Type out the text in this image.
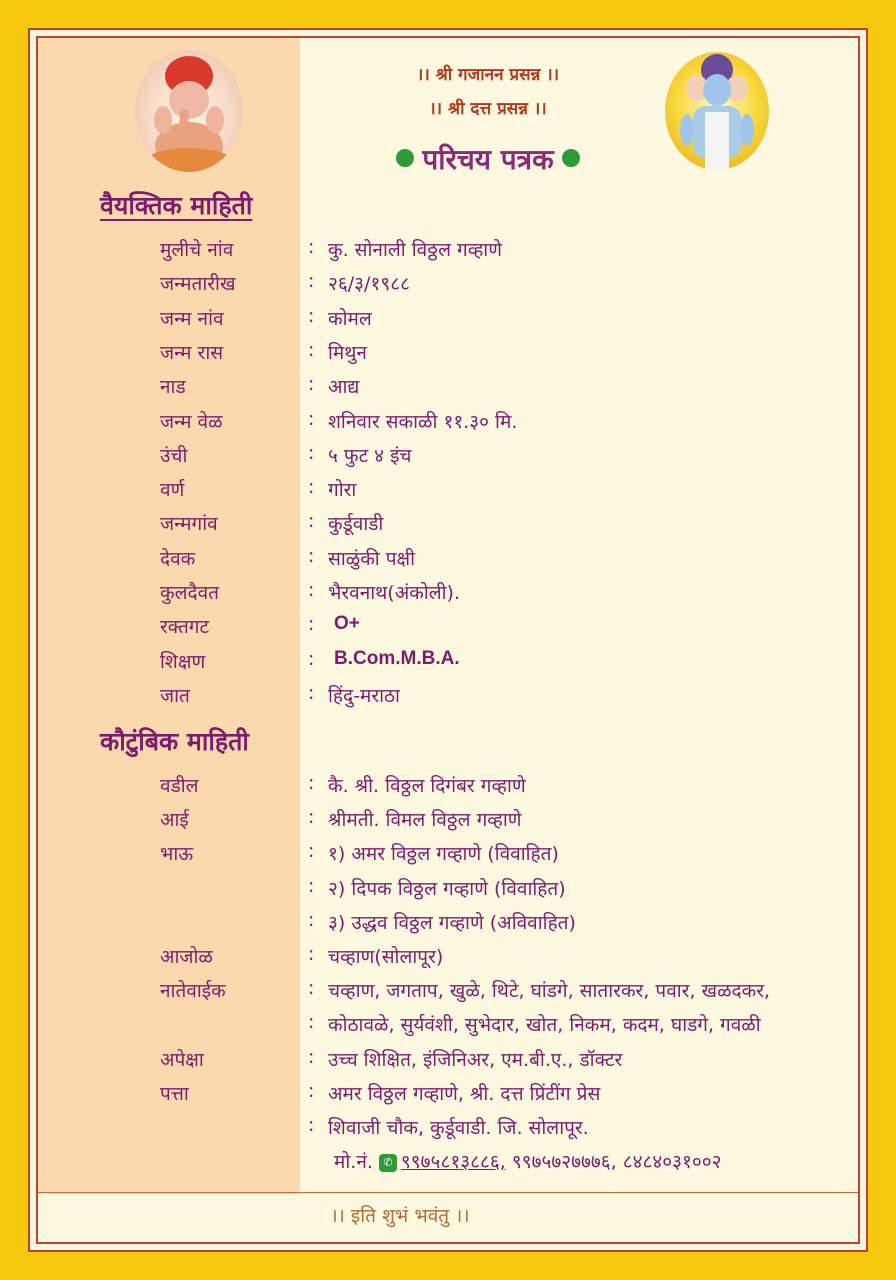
।। श्री गजानन प्रसन्न ।।
।। श्री दत्त प्रसन्न ।।
परिचय पत्रक
वैयक्तिक माहिती
मुलीचे नांव	: कु. सोनाली विठ्ठल गव्हाणे
जन्मतारीख	: २६/३/१९८८
जन्म नांव	: कोमल
जन्म रास	: मिथुन
नाड	: आद्य
जन्म वेळ	: शनिवार सकाळी ११.३० मि.
उंची	: ५ फुट ४ इंच
वर्ण	: गोरा
जन्मगांव	: कुर्डूवाडी
देवक	: साळुंकी पक्षी
कुलदैवत	: भैरवनाथ(अंकोली).
रक्तगट	: O+
शिक्षण	: B.Com.M.B.A.
जात	: हिंदु-मराठा
कौटुंबिक माहिती
वडील	: कै. श्री. विठ्ठल दिगंबर गव्हाणे
आई	: श्रीमती. विमल विठ्ठल गव्हाणे
भाऊ	: १) अमर विठ्ठल गव्हाणे (विवाहित)
: २) दिपक विठ्ठल गव्हाणे (विवाहित)
: ३) उद्धव विठ्ठल गव्हाणे (अविवाहित)
आजोळ	: चव्हाण(सोलापूर)
नातेवाईक	: चव्हाण, जगताप, खुळे, थिटे, घांडगे, सातारकर, पवार, खळदकर,
: कोठावळे, सुर्यवंशी, सुभेदार, खोत, निकम, कदम, घाडगे, गवळी
अपेक्षा	: उच्च शिक्षित, इंजिनिअर, एम.बी.ए., डॉक्टर
पत्ता	: अमर विठ्ठल गव्हाणे, श्री. दत्त प्रिंटींग प्रेस
: शिवाजी चौक, कुर्डूवाडी. जि. सोलापूर.
मो.नं. ✆ ९९७५८१३८८६, ९९७५७२७७७६, ८४८४०३१००२
।। इति शुभं भवंतु ।।
